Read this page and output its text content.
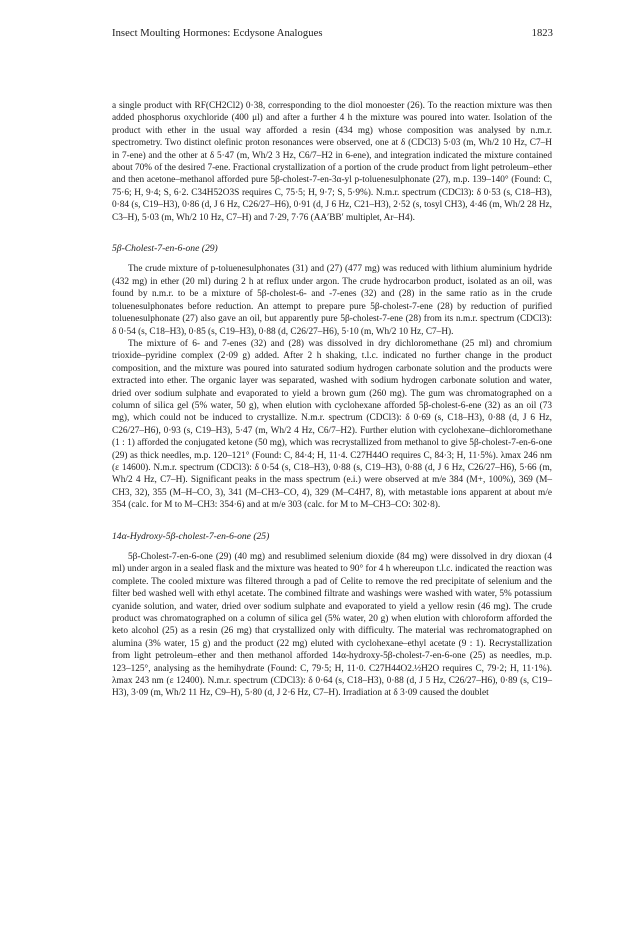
Insect Moulting Hormones: Ecdysone Analogues	1823

a single product with RF(CH2Cl2) 0·38, corresponding to the diol monoester (26). To the reaction mixture was then added phosphorus oxychloride (400 μl) and after a further 4 h the mixture was poured into water. Isolation of the product with ether in the usual way afforded a resin (434 mg) whose composition was analysed by n.m.r. spectrometry. Two distinct olefinic proton resonances were observed, one at δ (CDCl3) 5·03 (m, Wh/2 10 Hz, C7–H in 7-ene) and the other at δ 5·47 (m, Wh/2 3 Hz, C6/7–H2 in 6-ene), and integration indicated the mixture contained about 70% of the desired 7-ene. Fractional crystallization of a portion of the crude product from light petroleum–ether and then acetone–methanol afforded pure 5β-cholest-7-en-3α-yl p-toluenesulphonate (27), m.p. 139–140° (Found: C, 75·6; H, 9·4; S, 6·2. C34H52O3S requires C, 75·5; H, 9·7; S, 5·9%). N.m.r. spectrum (CDCl3): δ 0·53 (s, C18–H3), 0·84 (s, C19–H3), 0·86 (d, J 6 Hz, C26/27–H6), 0·91 (d, J 6 Hz, C21–H3), 2·52 (s, tosyl CH3), 4·46 (m, Wh/2 28 Hz, C3–H), 5·03 (m, Wh/2 10 Hz, C7–H) and 7·29, 7·76 (AA′BB′ multiplet, Ar–H4).

5β-Cholest-7-en-6-one (29)

The crude mixture of p-toluenesulphonates (31) and (27) (477 mg) was reduced with lithium aluminium hydride (432 mg) in ether (20 ml) during 2 h at reflux under argon. The crude hydrocarbon product, isolated as an oil, was found by n.m.r. to be a mixture of 5β-cholest-6- and -7-enes (32) and (28) in the same ratio as in the crude toluenesulphonates before reduction. An attempt to prepare pure 5β-cholest-7-ene (28) by reduction of purified toluenesulphonate (27) also gave an oil, but apparently pure 5β-cholest-7-ene (28) from its n.m.r. spectrum (CDCl3): δ 0·54 (s, C18–H3), 0·85 (s, C19–H3), 0·88 (d, C26/27–H6), 5·10 (m, Wh/2 10 Hz, C7–H).

The mixture of 6- and 7-enes (32) and (28) was dissolved in dry dichloromethane (25 ml) and chromium trioxide–pyridine complex (2·09 g) added. After 2 h shaking, t.l.c. indicated no further change in the product composition, and the mixture was poured into saturated sodium hydrogen carbonate solution and the products were extracted into ether. The organic layer was separated, washed with sodium hydrogen carbonate solution and water, dried over sodium sulphate and evaporated to yield a brown gum (260 mg). The gum was chromatographed on a column of silica gel (5% water, 50 g), when elution with cyclohexane afforded 5β-cholest-6-ene (32) as an oil (73 mg), which could not be induced to crystallize. N.m.r. spectrum (CDCl3): δ 0·69 (s, C18–H3), 0·88 (d, J 6 Hz, C26/27–H6), 0·93 (s, C19–H3), 5·47 (m, Wh/2 4 Hz, C6/7–H2). Further elution with cyclohexane–dichloromethane (1 : 1) afforded the conjugated ketone (50 mg), which was recrystallized from methanol to give 5β-cholest-7-en-6-one (29) as thick needles, m.p. 120–121° (Found: C, 84·4; H, 11·4. C27H44O requires C, 84·3; H, 11·5%). λmax 246 nm (ε 14600). N.m.r. spectrum (CDCl3): δ 0·54 (s, C18–H3), 0·88 (s, C19–H3), 0·88 (d, J 6 Hz, C26/27–H6), 5·66 (m, Wh/2 4 Hz, C7–H). Significant peaks in the mass spectrum (e.i.) were observed at m/e 384 (M+, 100%), 369 (M–CH3, 32), 355 (M–H–CO, 3), 341 (M–CH3–CO, 4), 329 (M–C4H7, 8), with metastable ions apparent at about m/e 354 (calc. for M to M–CH3: 354·6) and at m/e 303 (calc. for M to M–CH3–CO: 302·8).

14α-Hydroxy-5β-cholest-7-en-6-one (25)

5β-Cholest-7-en-6-one (29) (40 mg) and resublimed selenium dioxide (84 mg) were dissolved in dry dioxan (4 ml) under argon in a sealed flask and the mixture was heated to 90° for 4 h whereupon t.l.c. indicated the reaction was complete. The cooled mixture was filtered through a pad of Celite to remove the red precipitate of selenium and the filter bed washed well with ethyl acetate. The combined filtrate and washings were washed with water, 5% potassium cyanide solution, and water, dried over sodium sulphate and evaporated to yield a yellow resin (46 mg). The crude product was chromatographed on a column of silica gel (5% water, 20 g) when elution with chloroform afforded the keto alcohol (25) as a resin (26 mg) that crystallized only with difficulty. The material was rechromatographed on alumina (3% water, 15 g) and the product (22 mg) eluted with cyclohexane–ethyl acetate (9 : 1). Recrystallization from light petroleum–ether and then methanol afforded 14α-hydroxy-5β-cholest-7-en-6-one (25) as needles, m.p. 123–125°, analysing as the hemihydrate (Found: C, 79·5; H, 11·0. C27H44O2.½H2O requires C, 79·2; H, 11·1%). λmax 243 nm (ε 12400). N.m.r. spectrum (CDCl3): δ 0·64 (s, C18–H3), 0·88 (d, J 5 Hz, C26/27–H6), 0·89 (s, C19–H3), 3·09 (m, Wh/2 11 Hz, C9–H), 5·80 (d, J 2·6 Hz, C7–H). Irradiation at δ 3·09 caused the doublet
